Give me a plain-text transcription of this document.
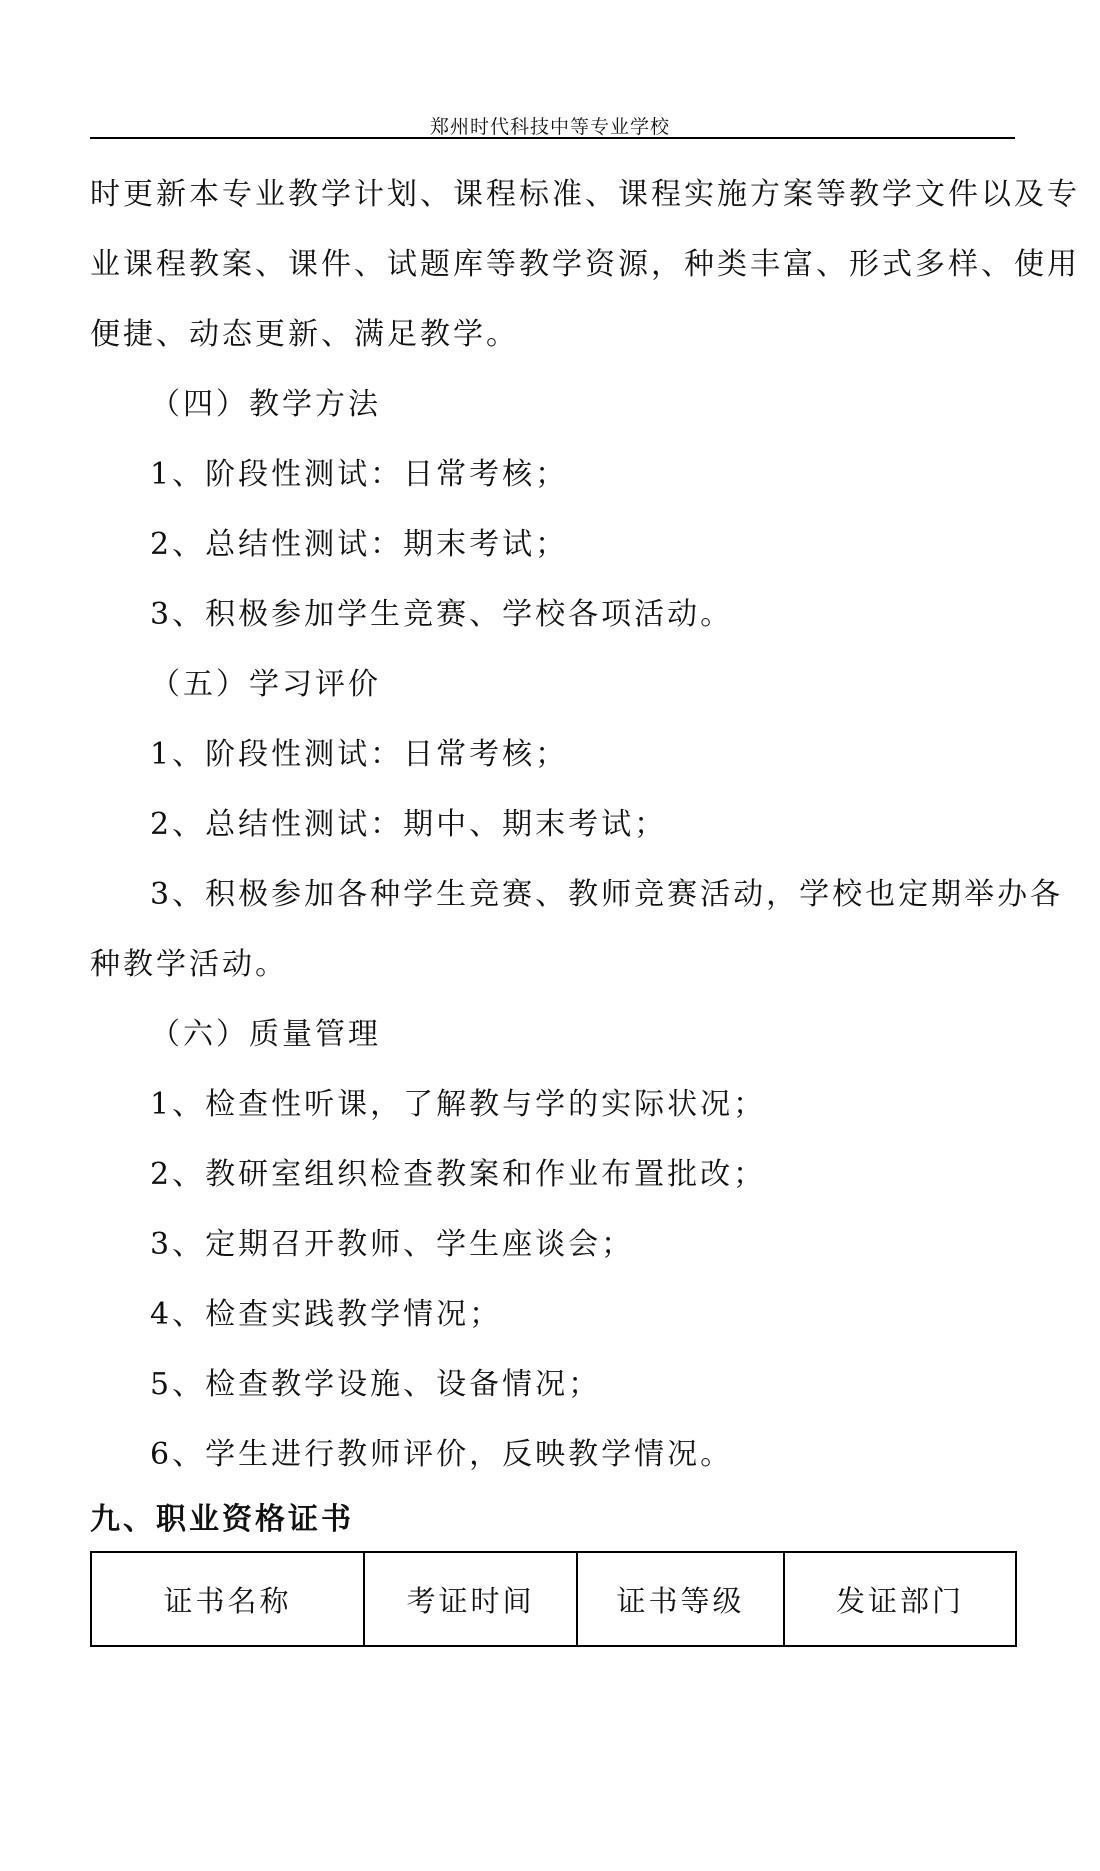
郑州时代科技中等专业学校
时更新本专业教学计划、课程标准、课程实施方案等教学文件以及专
业课程教案、课件、试题库等教学资源，种类丰富、形式多样、使用
便捷、动态更新、满足教学。
（四）教学方法
1、阶段性测试：日常考核；
2、总结性测试：期末考试；
3、积极参加学生竞赛、学校各项活动。
（五）学习评价
1、阶段性测试：日常考核；
2、总结性测试：期中、期末考试；
3、积极参加各种学生竞赛、教师竞赛活动，学校也定期举办各
种教学活动。
（六）质量管理
1、检查性听课，了解教与学的实际状况；
2、教研室组织检查教案和作业布置批改；
3、定期召开教师、学生座谈会；
4、检查实践教学情况；
5、检查教学设施、设备情况；
6、学生进行教师评价，反映教学情况。
九、职业资格证书
证书名称	考证时间	证书等级	发证部门
